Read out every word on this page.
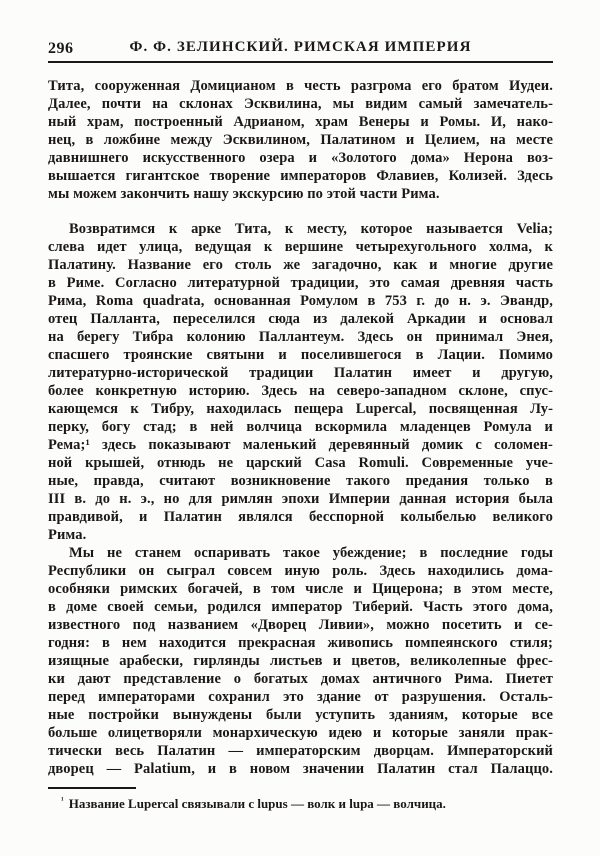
296	Ф. Ф. ЗЕЛИНСКИЙ. РИМСКАЯ ИМПЕРИЯ
Тита, сооруженная Домицианом в честь разгрома его братом Иудеи.
Далее, почти на склонах Эсквилина, мы видим самый замечатель-
ный храм, построенный Адрианом, храм Венеры и Ромы. И, нако-
нец, в ложбине между Эсквилином, Палатином и Целием, на месте
давнишнего искусственного озера и «Золотого дома» Нерона воз-
вышается гигантское творение императоров Флавиев, Колизей. Здесь
мы можем закончить нашу экскурсию по этой части Рима.
Возвратимся к арке Тита, к месту, которое называется Velia;
слева идет улица, ведущая к вершине четырехугольного холма, к
Палатину. Название его столь же загадочно, как и многие другие
в Риме. Согласно литературной традиции, это самая древняя часть
Рима, Roma quadrata, основанная Ромулом в 753 г. до н. э. Эвандр,
отец Палланта, переселился сюда из далекой Аркадии и основал
на берегу Тибра колонию Паллантеум. Здесь он принимал Энея,
спасшего троянские святыни и поселившегося в Лации. Помимо
литературно-исторической традиции Палатин имеет и другую,
более конкретную историю. Здесь на северо-западном склоне, спус-
кающемся к Тибру, находилась пещера Lupercal, посвященная Лу-
перку, богу стад; в ней волчица вскормила младенцев Ромула и
Рема;¹ здесь показывают маленький деревянный домик с соломен-
ной крышей, отнюдь не царский Casa Romuli. Современные уче-
ные, правда, считают возникновение такого предания только в
III в. до н. э., но для римлян эпохи Империи данная история была
правдивой, и Палатин являлся бесспорной колыбелью великого
Рима.
Мы не станем оспаривать такое убеждение; в последние годы
Республики он сыграл совсем иную роль. Здесь находились дома-
особняки римских богачей, в том числе и Цицерона; в этом месте,
в доме своей семьи, родился император Тиберий. Часть этого дома,
известного под названием «Дворец Ливии», можно посетить и се-
годня: в нем находится прекрасная живопись помпеянского стиля;
изящные арабески, гирлянды листьев и цветов, великолепные фрес-
ки дают представление о богатых домах античного Рима. Пиетет
перед императорами сохранил это здание от разрушения. Осталь-
ные постройки вынуждены были уступить зданиям, которые все
больше олицетворяли монархическую идею и которые заняли прак-
тически весь Палатин — императорским дворцам. Императорский
дворец — Palatium, и в новом значении Палатин стал Палаццо.
$^{^1}$ Название Lupercal связывали с lupus — волк и lupa — волчица.
